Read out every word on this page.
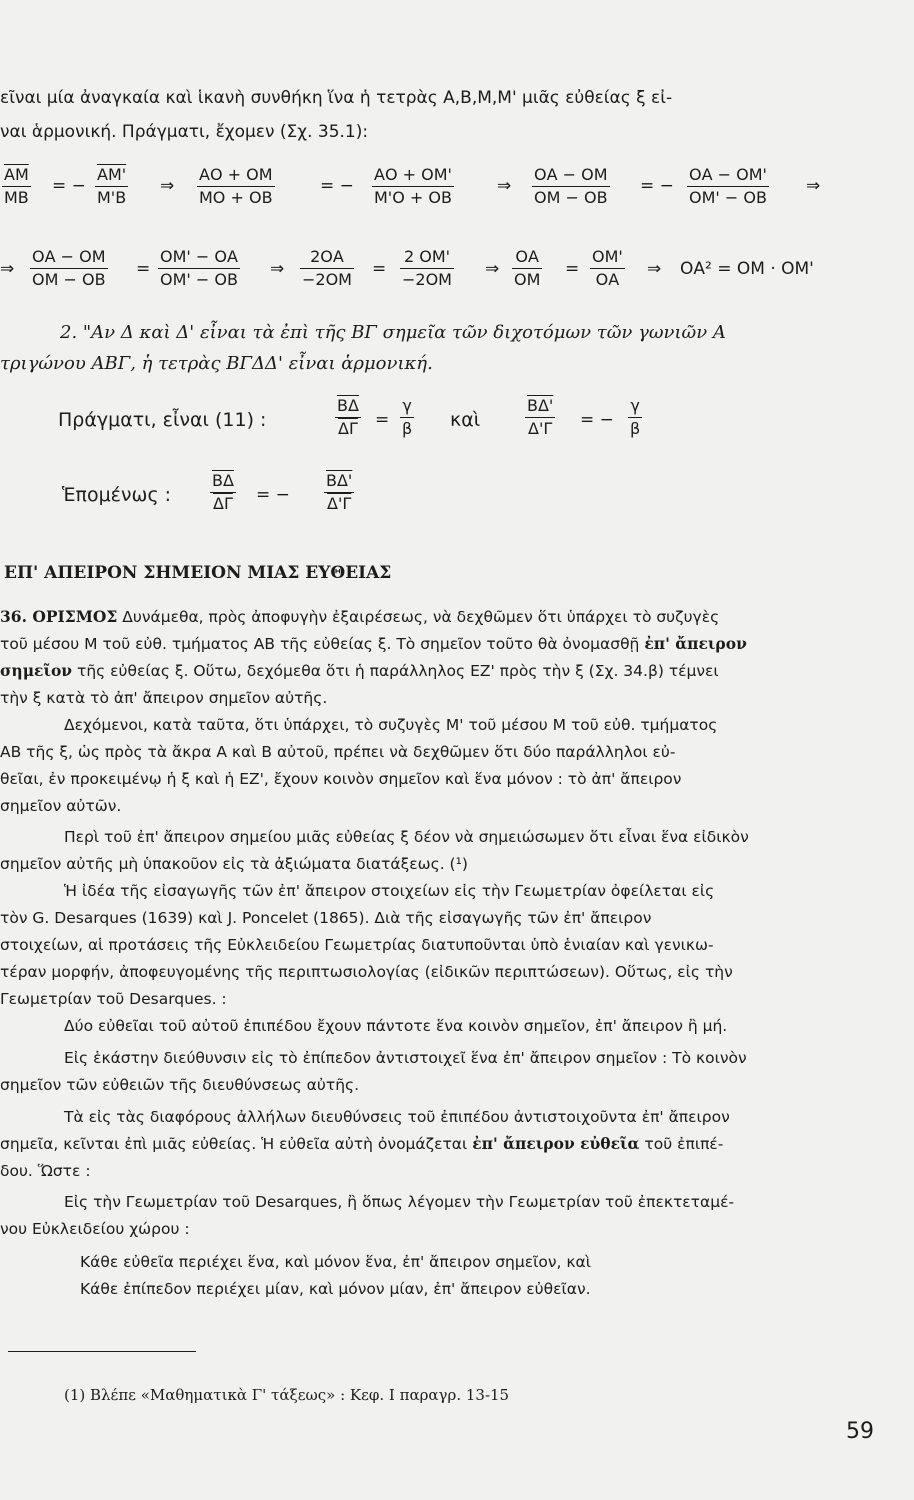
εῖναι μία ἀναγκαία καὶ ἱκανὴ συνθήκη ἵνα ἡ τετρὰς Α,Β,Μ,Μ' μιᾶς εὐθείας ξ εἰ-
ναι ἁρμονική. Πράγματι, ἔχομεν (Σχ. 35.1):
$\overline{AM}$
ΜΒ
= −
ΑΜ'
Μ'Β
⇒
ΑΟ + ΟΜ
ΜΟ + ΟΒ
= −
ΑΟ + ΟΜ'
Μ'Ο + ΟΒ
⇒
ΟΑ − ΟΜ
ΟΜ − ΟΒ
= −
ΟΑ − ΟΜ'
ΟΜ' − ΟΒ
⇒
⇒
ΟΑ − ΟΜ
ΟΜ − ΟΒ
=
ΟΜ' − ΟΑ
ΟΜ' − ΟΒ
⇒
2ΟΑ
−2ΟΜ
=
2 ΟΜ'
−2ΟΜ
⇒
ΟΑ
ΟΜ
=
ΟΜ'
ΟΑ
⇒ ΟΑ² = ΟΜ · ΟΜ'
2. "Αν Δ καὶ Δ' εἶναι τὰ ἐπὶ τῆς ΒΓ σημεῖα τῶν διχοτόμων τῶν γωνιῶν Α
τριγώνου ΑΒΓ, ἡ τετρὰς ΒΓΔΔ' εἶναι ἁρμονική.
Πράγματι, εἶναι (11) :	$\frac{\overline{B\Delta}}{\Delta\Gamma}$ =
γ
β καὶ
ΒΔ'
Δ'Γ = −
γ
β
Ἑπομένως : $\frac{\overline{B\Delta}}{\Delta\Gamma}$ = − $\frac{B\Delta'}{\Delta'\Gamma}$
ΕΠ' ΑΠΕΙΡΟΝ ΣΗΜΕΙΟΝ ΜΙΑΣ ΕΥΘΕΙΑΣ
36. ΟΡΙΣΜΟΣ Δυνάμεθα, πρὸς ἀποφυγὴν ἐξαιρέσεως, νὰ δεχθῶμεν ὅτι ὑπάρχει τὸ συζυγὲς
τοῦ μέσου Μ τοῦ εὐθ. τμήματος ΑΒ τῆς εὐθείας ξ. Τὸ σημεῖον τοῦτο θὰ ὀνομασθῇ ἐπ' ἄπειρον
σημεῖον τῆς εὐθείας ξ. Οὕτω, δεχόμεθα ὅτι ἡ παράλληλος ΕΖ' πρὸς τὴν ξ (Σχ. 34.β) τέμνει
τὴν ξ κατὰ τὸ ἀπ' ἄπειρον σημεῖον αὐτῆς.
Δεχόμενοι, κατὰ ταῦτα, ὅτι ὑπάρχει, τὸ συζυγὲς Μ' τοῦ μέσου Μ τοῦ εὐθ. τμήματος
ΑΒ τῆς ξ, ὡς πρὸς τὰ ἄκρα Α καὶ Β αὐτοῦ, πρέπει νὰ δεχθῶμεν ὅτι δύο παράλληλοι εὐ-
θεῖαι, ἐν προκειμένῳ ἡ ξ καὶ ἡ ΕΖ', ἔχουν κοινὸν σημεῖον καὶ ἕνα μόνον : τὸ ἀπ' ἄπειρον
σημεῖον αὐτῶν.
Περὶ τοῦ ἐπ' ἄπειρον σημείου μιᾶς εὐθείας ξ δέον νὰ σημειώσωμεν ὅτι εἶναι ἕνα εἰδικὸν
σημεῖον αὐτῆς μὴ ὑπακοῦον εἰς τὰ ἀξιώματα διατάξεως. (¹)
Ἡ ἰδέα τῆς εἰσαγωγῆς τῶν ἐπ' ἄπειρον στοιχείων εἰς τὴν Γεωμετρίαν ὀφείλεται εἰς
τὸν G. Desarques (1639) καὶ J. Poncelet (1865). Διὰ τῆς εἰσαγωγῆς τῶν ἐπ' ἄπειρον
στοιχείων, αἱ προτάσεις τῆς Εὐκλειδείου Γεωμετρίας διατυποῦνται ὑπὸ ἑνιαίαν καὶ γενικω-
τέραν μορφήν, ἀποφευγομένης τῆς περιπτωσιολογίας (εἰδικῶν περιπτώσεων). Οὕτως, εἰς τὴν
Γεωμετρίαν τοῦ Desarques. :
Δύο εὐθεῖαι τοῦ αὐτοῦ ἐπιπέδου ἔχουν πάντοτε ἕνα κοινὸν σημεῖον, ἐπ' ἄπειρον ἢ μή.
Εἰς ἑκάστην διεύθυνσιν εἰς τὸ ἐπίπεδον ἀντιστοιχεῖ ἕνα ἐπ' ἄπειρον σημεῖον : Τὸ κοινὸν
σημεῖον τῶν εὐθειῶν τῆς διευθύνσεως αὐτῆς.
Τὰ εἰς τὰς διαφόρους ἀλλήλων διευθύνσεις τοῦ ἐπιπέδου ἀντιστοιχοῦντα ἐπ' ἄπειρον
σημεῖα, κεῖνται ἐπὶ μιᾶς εὐθείας. Ἡ εὐθεῖα αὐτὴ ὀνομάζεται ἐπ' ἄπειρον εὐθεῖα τοῦ ἐπιπέ-
δου. Ὥστε :
Εἰς τὴν Γεωμετρίαν τοῦ Desarques, ἢ ὅπως λέγομεν τὴν Γεωμετρίαν τοῦ ἐπεκτεταμέ-
νου Εὐκλειδείου χώρου :
Κάθε εὐθεῖα περιέχει ἕνα, καὶ μόνον ἕνα, ἐπ' ἄπειρον σημεῖον, καὶ
Κάθε ἐπίπεδον περιέχει μίαν, καὶ μόνον μίαν, ἐπ' ἄπειρον εὐθεῖαν.
(1) Βλέπε «Μαθηματικὰ Γ' τάξεως» : Κεφ. Ι παραγρ. 13-15
59
